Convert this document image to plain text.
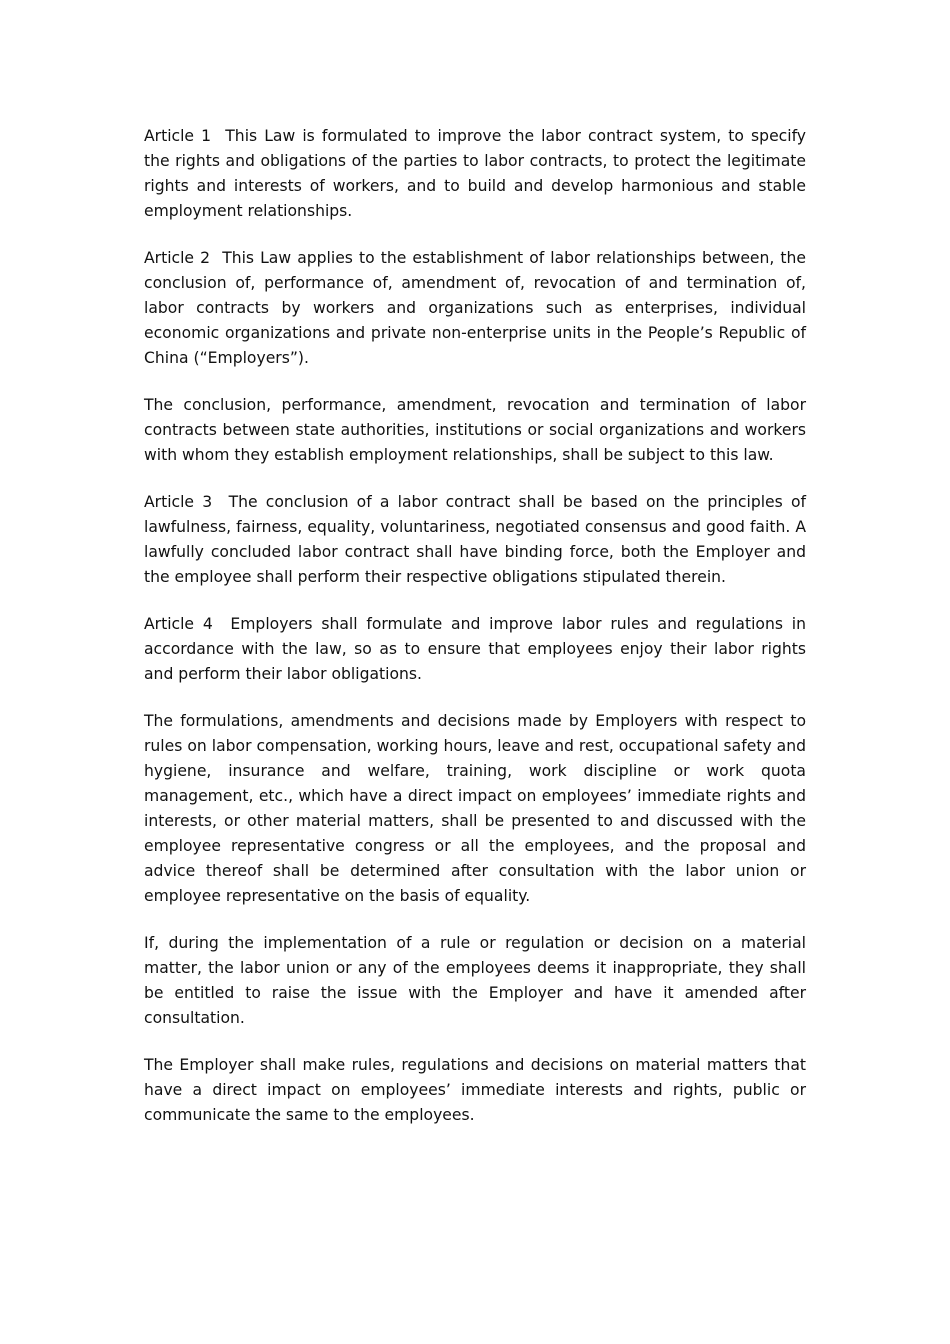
Article 1 This Law is formulated to improve the labor contract system, to specify the rights and obligations of the parties to labor contracts, to protect the legitimate rights and interests of workers, and to build and develop harmonious and stable employment relationships.

Article 2 This Law applies to the establishment of labor relationships between, the conclusion of, performance of, amendment of, revocation of and termination of, labor contracts by workers and organizations such as enterprises, individual economic organizations and private non-enterprise units in the People’s Republic of China (“Employers”).

The conclusion, performance, amendment, revocation and termination of labor contracts between state authorities, institutions or social organizations and workers with whom they establish employment relationships, shall be subject to this law.

Article 3 The conclusion of a labor contract shall be based on the principles of lawfulness, fairness, equality, voluntariness, negotiated consensus and good faith. A lawfully concluded labor contract shall have binding force, both the Employer and the employee shall perform their respective obligations stipulated therein.

Article 4 Employers shall formulate and improve labor rules and regulations in accordance with the law, so as to ensure that employees enjoy their labor rights and perform their labor obligations.

The formulations, amendments and decisions made by Employers with respect to rules on labor compensation, working hours, leave and rest, occupational safety and hygiene, insurance and welfare, training, work discipline or work quota management, etc., which have a direct impact on employees’ immediate rights and interests, or other material matters, shall be presented to and discussed with the employee representative congress or all the employees, and the proposal and advice thereof shall be determined after consultation with the labor union or employee representative on the basis of equality.

If, during the implementation of a rule or regulation or decision on a material matter, the labor union or any of the employees deems it inappropriate, they shall be entitled to raise the issue with the Employer and have it amended after consultation.

The Employer shall make rules, regulations and decisions on material matters that have a direct impact on employees’ immediate interests and rights, public or communicate the same to the employees.
